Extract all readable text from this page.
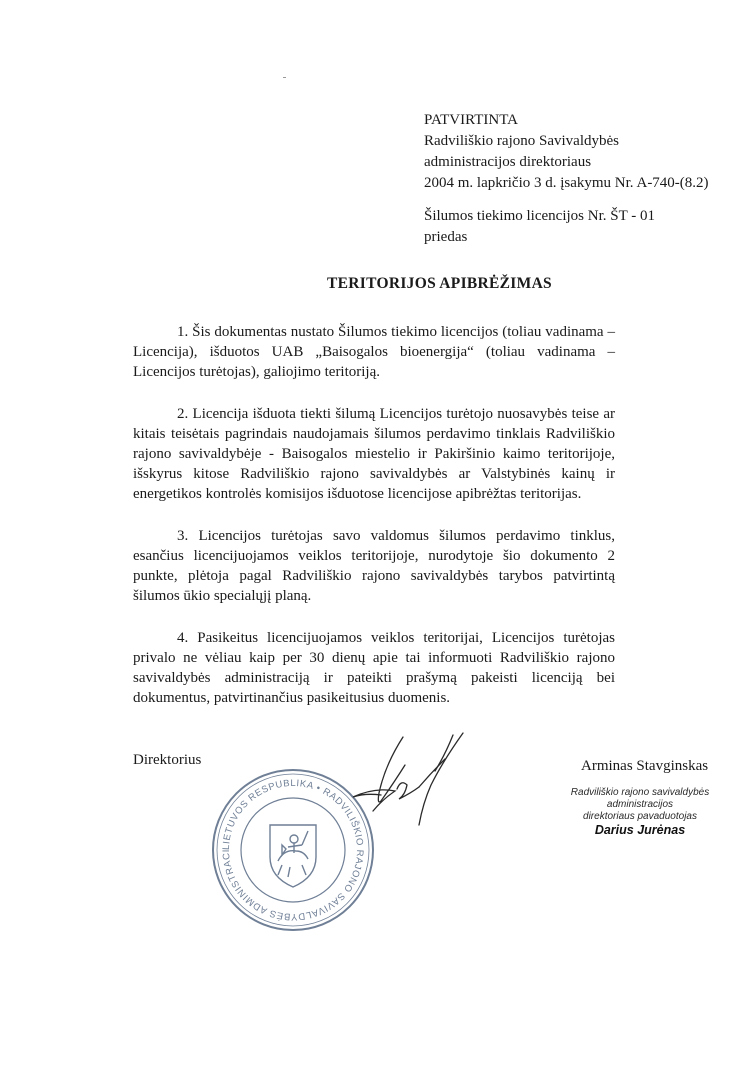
PATVIRTINTA
Radviliškio rajono Savivaldybės
administracijos direktoriaus
2004 m. lapkričio 3 d. įsakymu Nr. A-740-(8.2)
Šilumos tiekimo licencijos Nr. ŠT - 01
priedas
TERITORIJOS APIBRĖŽIMAS

1. Šis dokumentas nustato Šilumos tiekimo licencijos (toliau vadinama – Licencija), išduotos UAB „Baisogalos bioenergija“ (toliau vadinama – Licencijos turėtojas), galiojimo teritoriją.

2. Licencija išduota tiekti šilumą Licencijos turėtojo nuosavybės teise ar kitais teisėtais pagrindais naudojamais šilumos perdavimo tinklais Radviliškio rajono savivaldybėje - Baisogalos miestelio ir Pakiršinio kaimo teritorijoje, išskyrus kitose Radviliškio rajono savivaldybės ar Valstybinės kainų ir energetikos kontrolės komisijos išduotose licencijose apibrėžtas teritorijas.

3. Licencijos turėtojas savo valdomus šilumos perdavimo tinklus, esančius licencijuojamos veiklos teritorijoje, nurodytoje šio dokumento 2 punkte, plėtoja pagal Radviliškio rajono savivaldybės tarybos patvirtintą šilumos ūkio specialųjį planą.

4. Pasikeitus licencijuojamos veiklos teritorijai, Licencijos turėtojas privalo ne vėliau kaip per 30 dienų apie tai informuoti Radviliškio rajono savivaldybės administraciją ir pateikti prašymą pakeisti licenciją bei dokumentus, patvirtinančius pasikeitusius duomenis.

Direktorius	Arminas Stavginskas
LIETUVOS RESPUBLIKA • RADVILIŠKIO RAJONO SAVIVALDYBĖS ADMINISTRACI
Radviliškio rajono savivaldybės
administracijos
direktoriaus pavaduotojas
Darius Jurėnas
